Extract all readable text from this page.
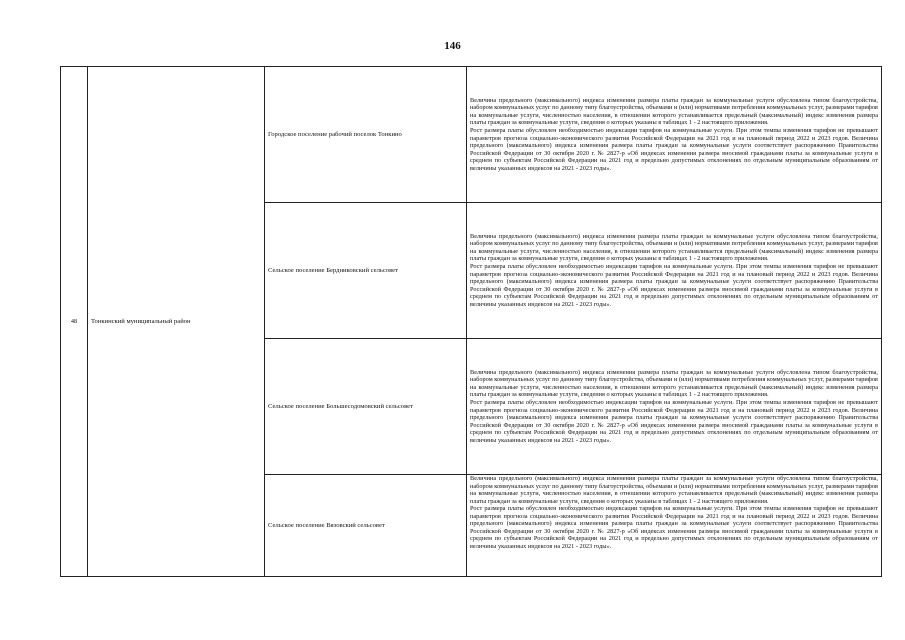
146
48	Тонкинский муниципальный район	Городское поселение рабочий поселок Тонкино	Величина предельного (максимального) индекса изменения размера платы граждан за коммунальные услуги обусловлена типом благоустройства, набором коммунальных услуг по данному типу благоустройства, объемами и (или) нормативами потребления коммунальных услуг, размерами тарифов на коммунальные услуги, численностью населения, в отношении которого устанавливается предельный (максимальный) индекс изменения размера платы граждан за коммунальные услуги, сведения о которых указаны в таблицах 1 - 2 настоящего приложения.

Рост размера платы обусловлен необходимостью индексации тарифов на коммунальные услуги. При этом темпы изменения тарифов не превышают параметров прогноза социально-экономического развития Российской Федерации на 2021 год и на плановый период 2022 и 2023 годов. Величина предельного (максимального) индекса изменения размера платы граждан за коммунальные услуги соответствует распоряжению Правительства Российской Федерации от 30 октября 2020 г. № 2827-р «Об индексах изменения размера вносимой гражданами платы за коммунальные услуги в среднем по субъектам Российской Федерации на 2021 год и предельно допустимых отклонениях по отдельным муниципальным образованиям от величины указанных индексов на 2021 - 2023 годы».

		Сельское поселение Бердниковский сельсовет	Величина предельного (максимального) индекса изменения размера платы граждан за коммунальные услуги обусловлена типом благоустройства, набором коммунальных услуг по данному типу благоустройства, объемами и (или) нормативами потребления коммунальных услуг, размерами тарифов на коммунальные услуги, численностью населения, в отношении которого устанавливается предельный (максимальный) индекс изменения размера платы граждан за коммунальные услуги, сведения о которых указаны в таблицах 1 - 2 настоящего приложения.

Рост размера платы обусловлен необходимостью индексации тарифов на коммунальные услуги. При этом темпы изменения тарифов не превышают параметров прогноза социально-экономического развития Российской Федерации на 2021 год и на плановый период 2022 и 2023 годов. Величина предельного (максимального) индекса изменения размера платы граждан за коммунальные услуги соответствует распоряжению Правительства Российской Федерации от 30 октября 2020 г. № 2827-р «Об индексах изменения размера вносимой гражданами платы за коммунальные услуги в среднем по субъектам Российской Федерации на 2021 год и предельно допустимых отклонениях по отдельным муниципальным образованиям от величины указанных индексов на 2021 - 2023 годы».

		Сельское поселение Большесодомовский сельсовет	Величина предельного (максимального) индекса изменения размера платы граждан за коммунальные услуги обусловлена типом благоустройства, набором коммунальных услуг по данному типу благоустройства, объемами и (или) нормативами потребления коммунальных услуг, размерами тарифов на коммунальные услуги, численностью населения, в отношении которого устанавливается предельный (максимальный) индекс изменения размера платы граждан за коммунальные услуги, сведения о которых указаны в таблицах 1 - 2 настоящего приложения.

Рост размера платы обусловлен необходимостью индексации тарифов на коммунальные услуги. При этом темпы изменения тарифов не превышают параметров прогноза социально-экономического развития Российской Федерации на 2021 год и на плановый период 2022 и 2023 годов. Величина предельного (максимального) индекса изменения размера платы граждан за коммунальные услуги соответствует распоряжению Правительства Российской Федерации от 30 октября 2020 г. № 2827-р «Об индексах изменения размера вносимой гражданами платы за коммунальные услуги в среднем по субъектам Российской Федерации на 2021 год и предельно допустимых отклонениях по отдельным муниципальным образованиям от величины указанных индексов на 2021 - 2023 годы».

		Сельское поселение Вязовский сельсовет	Величина предельного (максимального) индекса изменения размера платы граждан за коммунальные услуги обусловлена типом благоустройства, набором коммунальных услуг по данному типу благоустройства, объемами и (или) нормативами потребления коммунальных услуг, размерами тарифов на коммунальные услуги, численностью населения, в отношении которого устанавливается предельный (максимальный) индекс изменения размера платы граждан за коммунальные услуги, сведения о которых указаны в таблицах 1 - 2 настоящего приложения.

Рост размера платы обусловлен необходимостью индексации тарифов на коммунальные услуги. При этом темпы изменения тарифов не превышают параметров прогноза социально-экономического развития Российской Федерации на 2021 год и на плановый период 2022 и 2023 годов. Величина предельного (максимального) индекса изменения размера платы граждан за коммунальные услуги соответствует распоряжению Правительства Российской Федерации от 30 октября 2020 г. № 2827-р «Об индексах изменения размера вносимой гражданами платы за коммунальные услуги в среднем по субъектам Российской Федерации на 2021 год и предельно допустимых отклонениях по отдельным муниципальным образованиям от величины указанных индексов на 2021 - 2023 годы».
